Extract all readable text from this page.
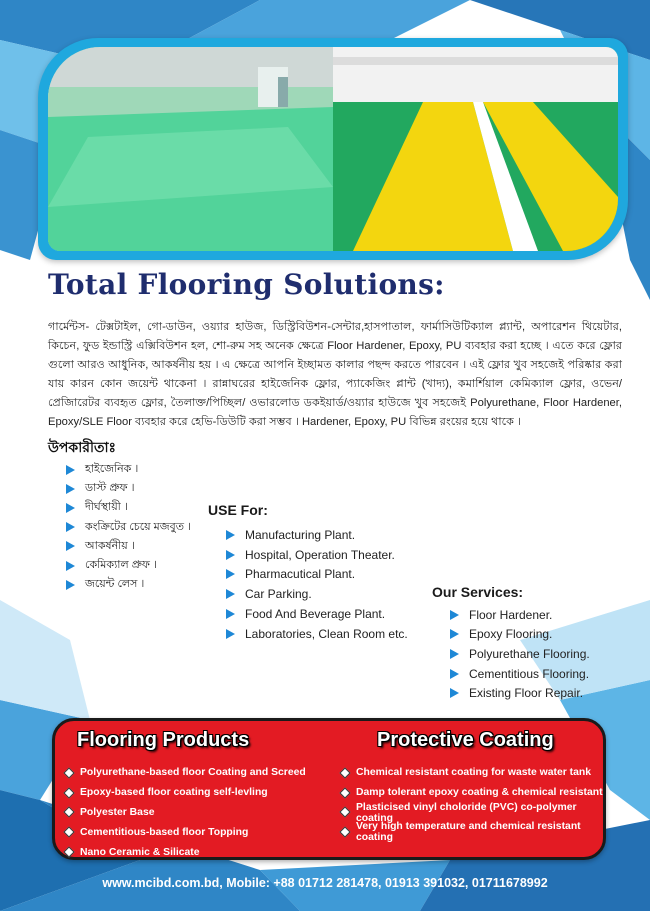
Total Flooring Solutions:

গার্মেন্টস- টেক্সটাইল, গো-ডাউন, ওয়্যার হাউজ, ডিস্ট্রিবিউশন-সেন্টার,হাসপাতাল, ফার্মাসিউটিক্যাল প্ল্যান্ট, অপারেশন থিয়েটার, কিচেন, ফুড ইন্ডাস্ট্রি এক্সিবিউশন হল, শো-রুম সহ অনেক ক্ষেত্রে Floor Hardener, Epoxy, PU ব্যবহার করা হচ্ছে । এতে করে ফ্লোর গুলো আরও আধুনিক, আকর্ষনীয় হয় । এ ক্ষেত্রে আপনি ইচ্ছামত কালার পছন্দ করতে পারবেন । এই ফ্লোর খুব সহজেই পরিষ্কার করা যায় কারন কোন জয়েন্ট থাকেনা । রান্নাঘরের হাইজেনিক ফ্লোর, প্যাকেজিং প্লান্ট (খাদ্য), কমার্শিয়াল কেমিক্যাল ফ্লোর, ওভেন/প্রেজিারেটর ব্যবহৃত ফ্লোর, তৈলাক্ত/পিচ্ছিল/ ওভারলোড ডকইয়ার্ড/ওয়্যার হাউজে খুব সহজেই Polyurethane, Floor Hardener, Epoxy/SLE Floor ব্যবহার করে হেভি-ডিউটি করা সম্ভব । Hardener, Epoxy, PU বিভিন্ন রংয়ের হয়ে থাকে ।

উপকারীতাঃ
হাইজেনিক ।
ডাস্ট প্রুফ ।
দীর্ঘস্থায়ী ।
কংক্রিটের চেয়ে মজবুত ।
আকর্ষনীয় ।
কেমিক্যাল প্রুফ ।
জয়েন্ট লেস ।
USE For:
Manufacturing Plant.
Hospital, Operation Theater.
Pharmacutical Plant.
Car Parking.
Food And Beverage Plant.
Laboratories, Clean Room etc.
Our Services:
Floor Hardener.
Epoxy Flooring.
Polyurethane Flooring.
Cementitious Flooring.
Existing Floor Repair.
Flooring Products	Protective Coating
Polyurethane-based floor Coating and Screed
Epoxy-based floor coating self-levling
Polyester Base
Cementitious-based floor Topping
Nano Ceramic & Silicate
Chemical resistant coating for waste water tank
Damp tolerant epoxy coating & chemical resistant
Plasticised vinyl choloride (PVC) co-polymer coating
Very high temperature and chemical resistant coating
www.mcibd.com.bd, Mobile: +88 01712 281478, 01913 391032, 01711678992
